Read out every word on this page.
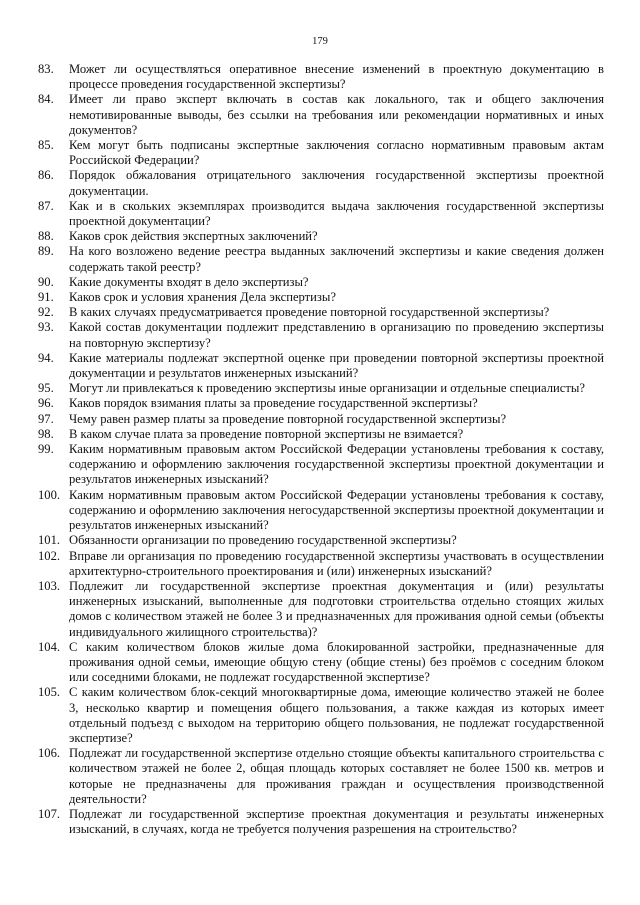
179
83.	Может ли осуществляться оперативное внесение изменений в проектную документацию в процессе проведения государственной экспертизы?
84.	Имеет ли право эксперт включать в состав как локального, так и общего заключения немотивированные выводы, без ссылки на требования или рекомендации нормативных и иных документов?
85.	Кем могут быть подписаны экспертные заключения согласно нормативным правовым актам Российской Федерации?
86.	Порядок обжалования отрицательного заключения государственной экспертизы проектной документации.
87.	Как и в скольких экземплярах производится выдача заключения государственной экспертизы проектной документации?
88.	Каков срок действия экспертных заключений?
89.	На кого возложено ведение реестра выданных заключений экспертизы и какие сведения должен содержать такой реестр?
90.	Какие документы входят в дело экспертизы?
91.	Каков срок и условия хранения Дела экспертизы?
92.	В каких случаях предусматривается проведение повторной государственной экспертизы?
93.	Какой состав документации подлежит представлению в организацию по проведению экспертизы на повторную экспертизу?
94.	Какие материалы подлежат экспертной оценке при проведении повторной экспертизы проектной документации и результатов инженерных изысканий?
95.	Могут ли привлекаться к проведению экспертизы иные организации и отдельные специалисты?
96.	Каков порядок взимания платы за проведение государственной экспертизы?
97.	Чему равен размер платы за проведение повторной государственной экспертизы?
98.	В каком случае плата за проведение повторной экспертизы не взимается?
99.	Каким нормативным правовым актом Российской Федерации установлены требования к составу, содержанию и оформлению заключения государственной экспертизы проектной документации и результатов инженерных изысканий?
100. Каким нормативным правовым актом Российской Федерации установлены требования к составу, содержанию и оформлению заключения негосударственной экспертизы проектной документации и результатов инженерных изысканий?
101. Обязанности организации по проведению государственной экспертизы?
102. Вправе ли организация по проведению государственной экспертизы участвовать в осуществлении архитектурно-строительного проектирования и (или) инженерных изысканий?
103. Подлежит ли государственной экспертизе проектная документация и (или) результаты инженерных изысканий, выполненные для подготовки строительства отдельно стоящих жилых домов с количеством этажей не более 3 и предназначенных для проживания одной семьи (объекты индивидуального жилищного строительства)?
104. С каким количеством блоков жилые дома блокированной застройки, предназначенные для проживания одной семьи, имеющие общую стену (общие стены) без проёмов с соседним блоком или соседними блоками, не подлежат государственной экспертизе?
105. С каким количеством блок-секций многоквартирные дома, имеющие количество этажей не более 3, несколько квартир и помещения общего пользования, а также каждая из которых имеет отдельный подъезд с выходом на территорию общего пользования, не подлежат государственной экспертизе?
106. Подлежат ли государственной экспертизе отдельно стоящие объекты капитального строительства с количеством этажей не более 2, общая площадь которых составляет не более 1500 кв. метров и которые не предназначены для проживания граждан и осуществления производственной деятельности?
107. Подлежат ли государственной экспертизе проектная документация и результаты инженерных изысканий, в случаях, когда не требуется получения разрешения на строительство?
